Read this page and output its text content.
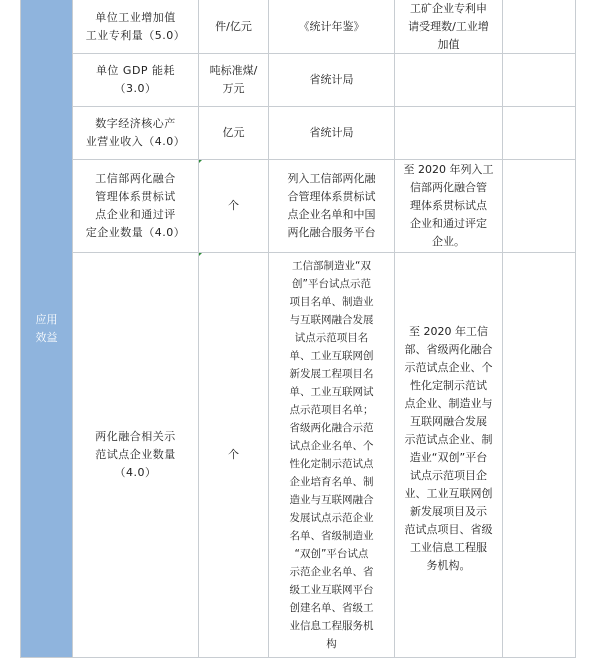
应用
效益
单位工业增加值
工业专利量（5.0）
件/亿元	《统计年鉴》
工矿企业专利申
请受理数/工业增
加值
单位 GDP 能耗
（3.0）
吨标准煤/
万元
省统计局
数字经济核心产
业营业收入（4.0）
亿元	省统计局
工信部两化融合
管理体系贯标试
点企业和通过评
定企业数量（4.0）
个
列入工信部两化融
合管理体系贯标试
点企业名单和中国
两化融合服务平台
至 2020 年列入工
信部两化融合管
理体系贯标试点
企业和通过评定
企业。
两化融合相关示
范试点企业数量
（4.0）
个
工信部制造业“双
创”平台试点示范
项目名单、制造业
与互联网融合发展
试点示范项目名
单、工业互联网创
新发展工程项目名
单、工业互联网试
点示范项目名单；
省级两化融合示范
试点企业名单、个
性化定制示范试点
企业培育名单、制
造业与互联网融合
发展试点示范企业
名单、省级制造业
“双创”平台试点
示范企业名单、省
级工业互联网平台
创建名单、省级工
业信息工程服务机
构
至 2020 年工信
部、省级两化融合
示范试点企业、个
性化定制示范试
点企业、制造业与
互联网融合发展
示范试点企业、制
造业“双创”平台
试点示范项目企
业、工业互联网创
新发展项目及示
范试点项目、省级
工业信息工程服
务机构。
